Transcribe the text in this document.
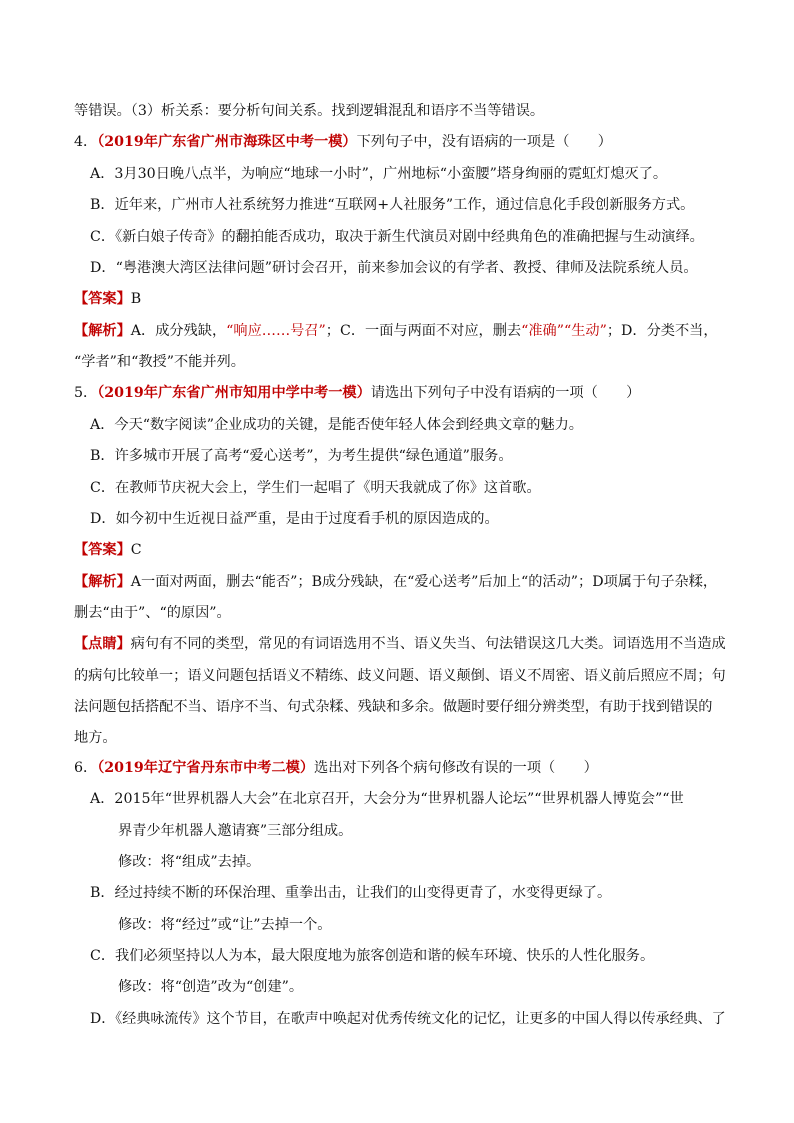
等错误。（3）析关系：要分析句间关系。找到逻辑混乱和语序不当等错误。
4．（2019年广东省广州市海珠区中考一模）下列句子中，没有语病的一项是（　　）
A．3月30日晚八点半，为响应“地球一小时”，广州地标“小蛮腰”塔身绚丽的霓虹灯熄灭了。
B．近年来，广州市人社系统努力推进“互联网+人社服务”工作，通过信息化手段创新服务方式。
C．《新白娘子传奇》的翻拍能否成功，取决于新生代演员对剧中经典角色的准确把握与生动演绎。
D．“粤港澳大湾区法律问题”研讨会召开，前来参加会议的有学者、教授、律师及法院系统人员。
【答案】B
【解析】A．成分残缺，“响应……号召”；C．一面与两面不对应，删去“准确”“生动”；D．分类不当，
“学者”和“教授”不能并列。
5．（2019年广东省广州市知用中学中考一模）请选出下列句子中没有语病的一项（　　）
A．今天“数字阅读”企业成功的关键，是能否使年轻人体会到经典文章的魅力。
B．许多城市开展了高考“爱心送考”，为考生提供“绿色通道”服务。
C．在教师节庆祝大会上，学生们一起唱了《明天我就成了你》这首歌。
D．如今初中生近视日益严重，是由于过度看手机的原因造成的。
【答案】C
【解析】A一面对两面，删去“能否”；B成分残缺，在“爱心送考”后加上“的活动”；D项属于句子杂糅，
删去“由于”、“的原因”。
【点睛】病句有不同的类型，常见的有词语选用不当、语义失当、句法错误这几大类。词语选用不当造成
的病句比较单一；语义问题包括语义不精练、歧义问题、语义颠倒、语义不周密、语义前后照应不周；句
法问题包括搭配不当、语序不当、句式杂糅、残缺和多余。做题时要仔细分辨类型，有助于找到错误的
地方。
6．（2019年辽宁省丹东市中考二模）选出对下列各个病句修改有误的一项（　　）
A．2015年“世界机器人大会”在北京召开，大会分为“世界机器人论坛”“世界机器人博览会”“世
界青少年机器人邀请赛”三部分组成。
修改：将“组成”去掉。
B．经过持续不断的环保治理、重拳出击，让我们的山变得更青了，水变得更绿了。
修改：将“经过”或“让”去掉一个。
C．我们必须坚持以人为本，最大限度地为旅客创造和谐的候车环境、快乐的人性化服务。
修改：将“创造”改为“创建”。
D．《经典咏流传》这个节目，在歌声中唤起对优秀传统文化的记忆，让更多的中国人得以传承经典、了
